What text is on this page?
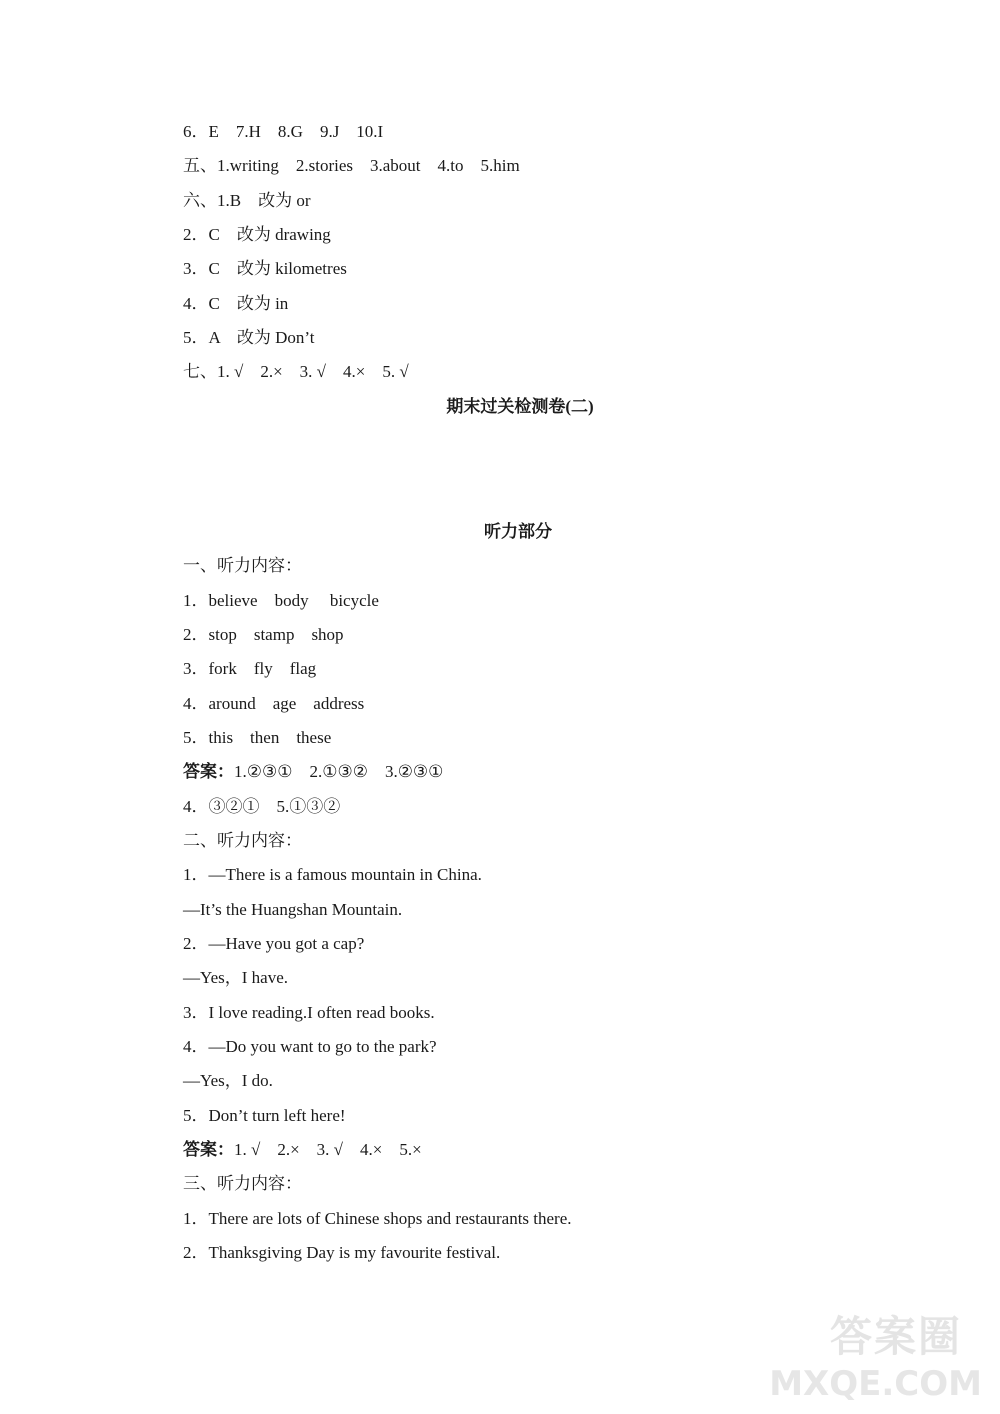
6．E    7.H    8.G    9.J    10.I
五、1.writing    2.stories    3.about    4.to    5.him
六、1.B    改为 or
2．C    改为 drawing
3．C    改为 kilometres
4．C    改为 in
5．A    改为 Don’t
七、1. √    2.×    3. √    4.×    5. √
期末过关检测卷(二)
听力部分
一、听力内容：
1．believe    body     bicycle
2．stop    stamp    shop
3．fork    fly    flag
4．around    age    address
5．this    then    these
答案：1.②③①    2.①③②    3.②③①
4．③②①    5.①③②
二、听力内容：
1．—There is a famous mountain in China.
—It’s the Huangshan Mountain.
2．—Have you got a cap?
—Yes，I have.
3．I love reading.I often read books.
4．—Do you want to go to the park?
—Yes，I do.
5．Don’t turn left here!
答案：1. √    2.×    3. √    4.×    5.×
三、听力内容：
1．There are lots of Chinese shops and restaurants there.
2．Thanksgiving Day is my favourite festival.
答案圈
MXQE.COM
